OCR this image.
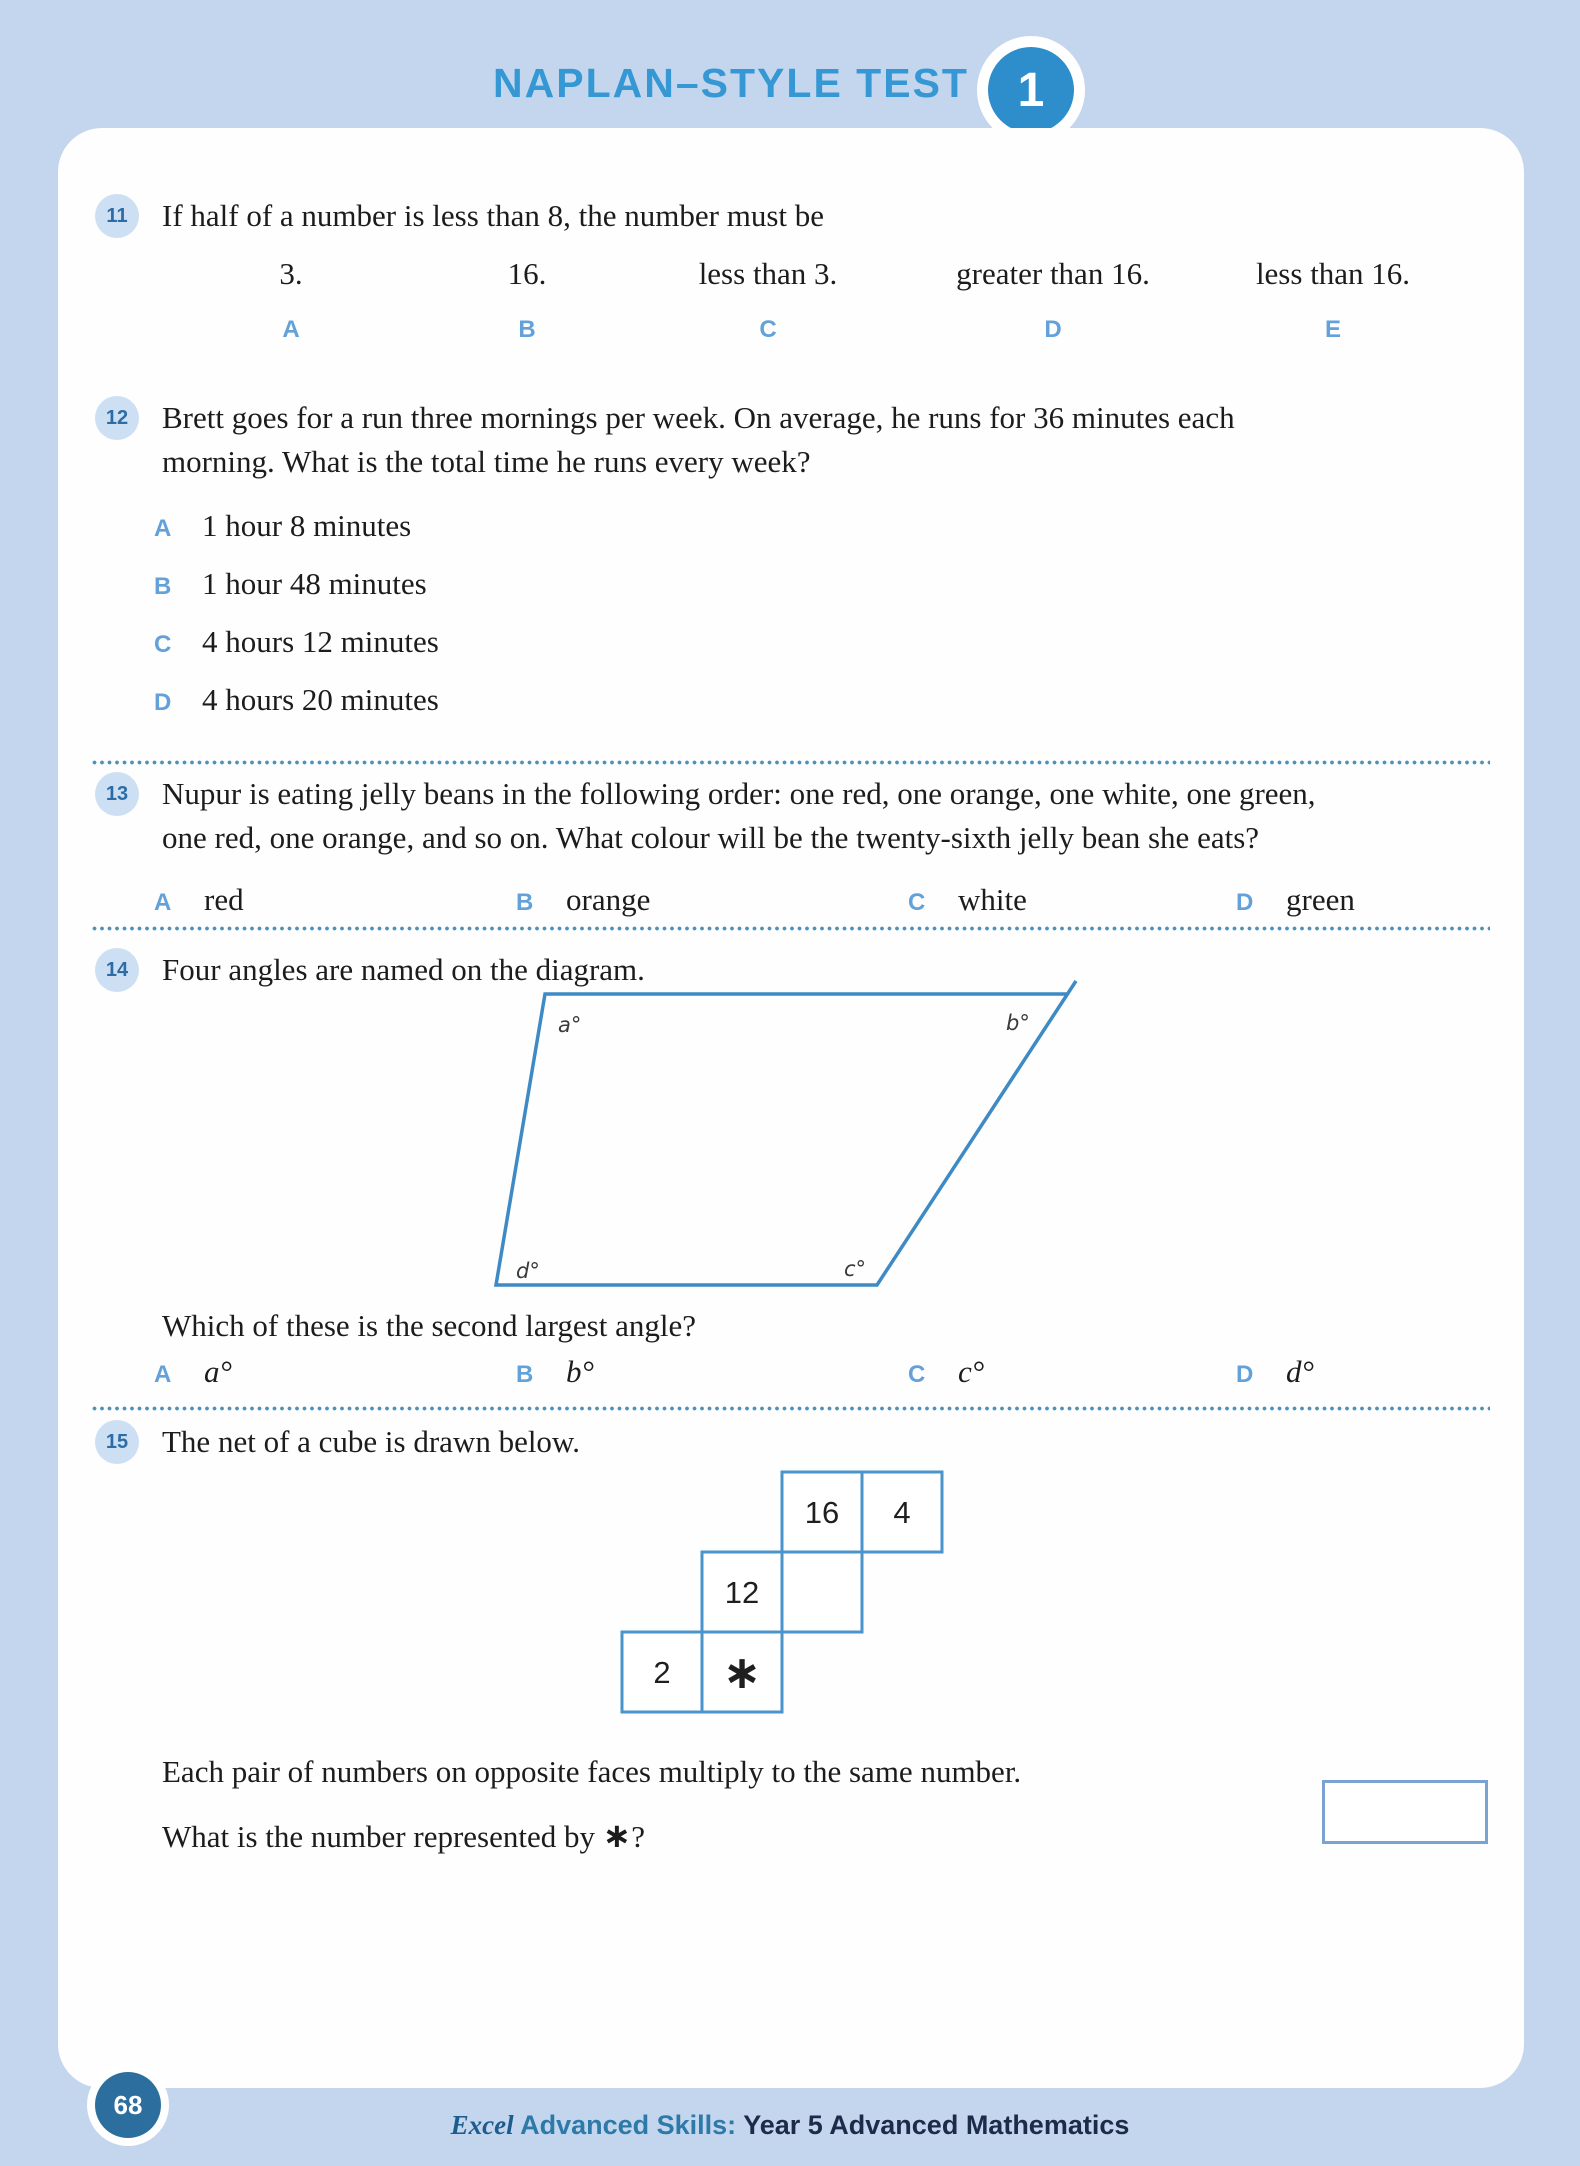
NAPLAN–STYLE TEST	1
11	If half of a number is less than 8, the number must be
3.
A
16.
B
less than 3.
C
greater than 16.
D
less than 16.
E
12	Brett goes for a run three mornings per week. On average, he runs for 36 minutes each
morning. What is the total time he runs every week?
A 1 hour 8 minutes
B 1 hour 48 minutes
C 4 hours 12 minutes
D 4 hours 20 minutes
13	Nupur is eating jelly beans in the following order: one red, one orange, one white, one green,
one red, one orange, and so on. What colour will be the twenty-sixth jelly bean she eats?
A red	B orange	C white	D green
14	Four angles are named on the diagram.
a°	b°
c°
d°
Which of these is the second largest angle?
A a°	B b°	C c°	D d°
15	The net of a cube is drawn below.
16 4
12
2 ∗
Each pair of numbers on opposite faces multiply to the same number.
What is the number represented by ∗?
68
Excel Advanced Skills: Year 5 Advanced Mathematics
